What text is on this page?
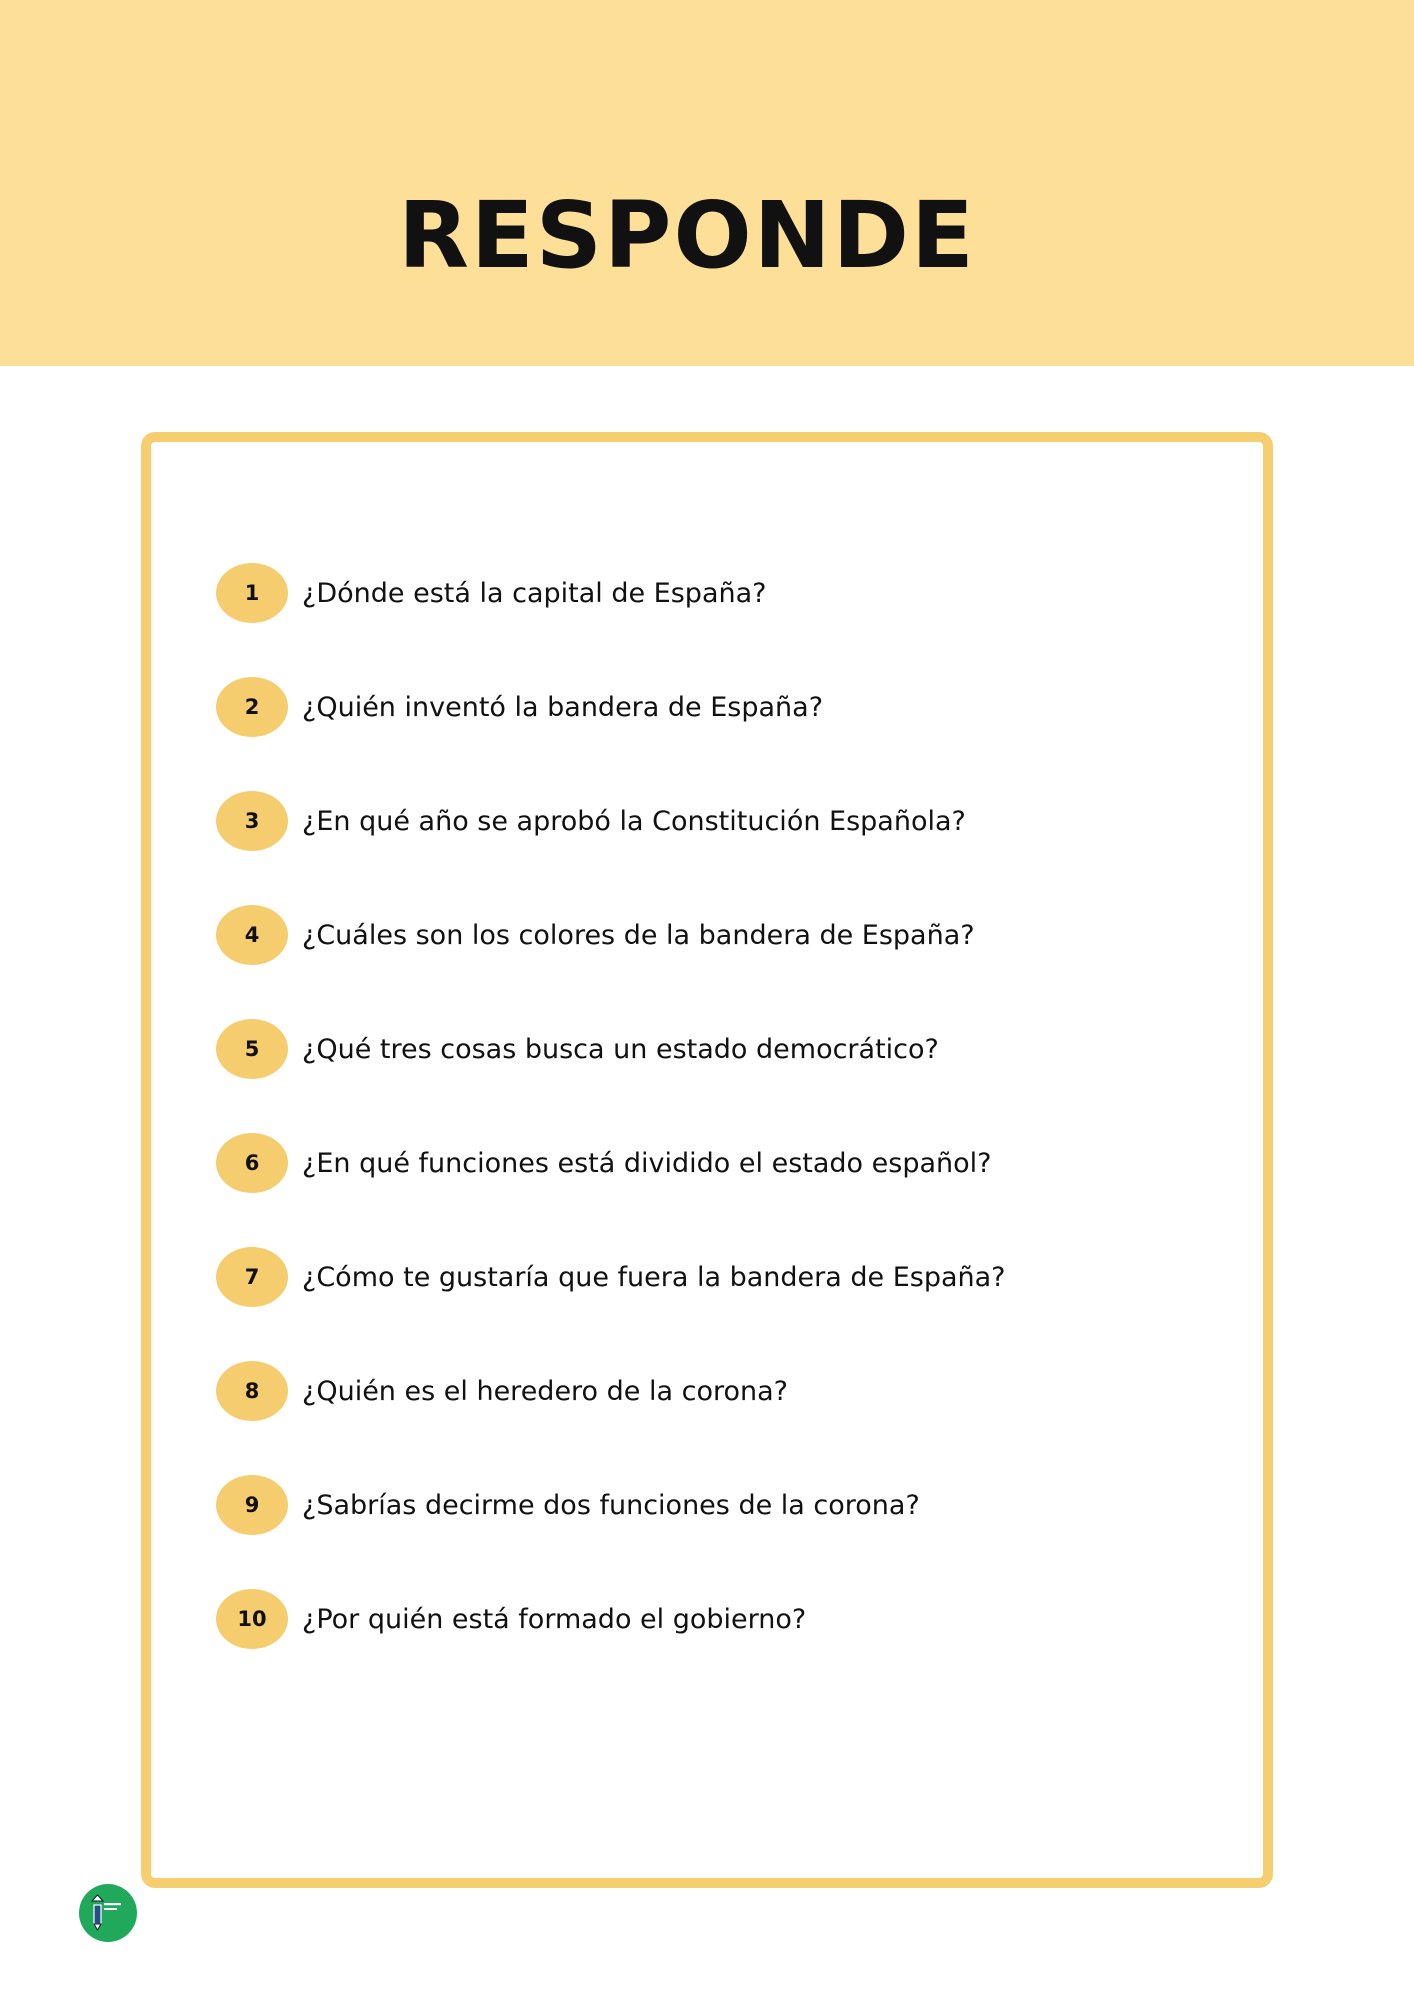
RESPONDE
1	¿Dónde está la capital de España?
2	¿Quién inventó la bandera de España?
3	¿En qué año se aprobó la Constitución Española?
4	¿Cuáles son los colores de la bandera de España?
5	¿Qué tres cosas busca un estado democrático?
6	¿En qué funciones está dividido el estado español?
7	¿Cómo te gustaría que fuera la bandera de España?
8	¿Quién es el heredero de la corona?
9	¿Sabrías decirme dos funciones de la corona?
10	¿Por quién está formado el gobierno?
